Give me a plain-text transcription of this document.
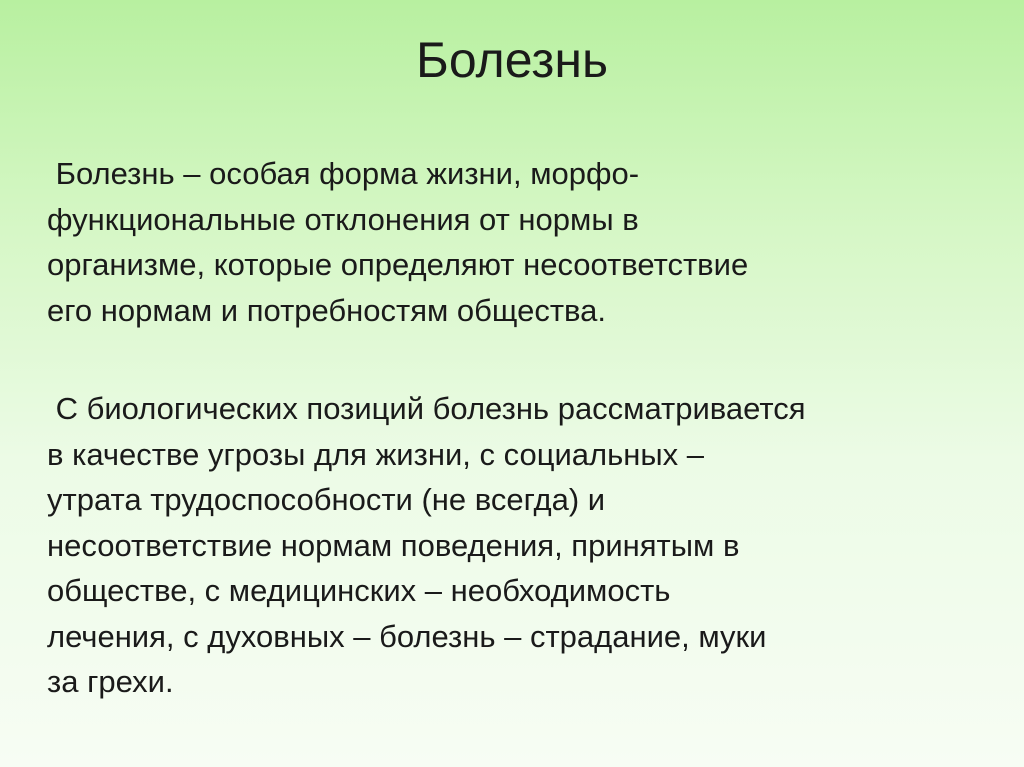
Болезнь
Болезнь – особая форма жизни, морфо-
функциональные отклонения от нормы в
организме, которые определяют несоответствие
его нормам и потребностям общества.
С биологических позиций болезнь рассматривается
в качестве угрозы для жизни, с социальных –
утрата трудоспособности (не всегда) и
несоответствие нормам поведения, принятым в
обществе, с медицинских – необходимость
лечения, с духовных – болезнь – страдание, муки
за грехи.
